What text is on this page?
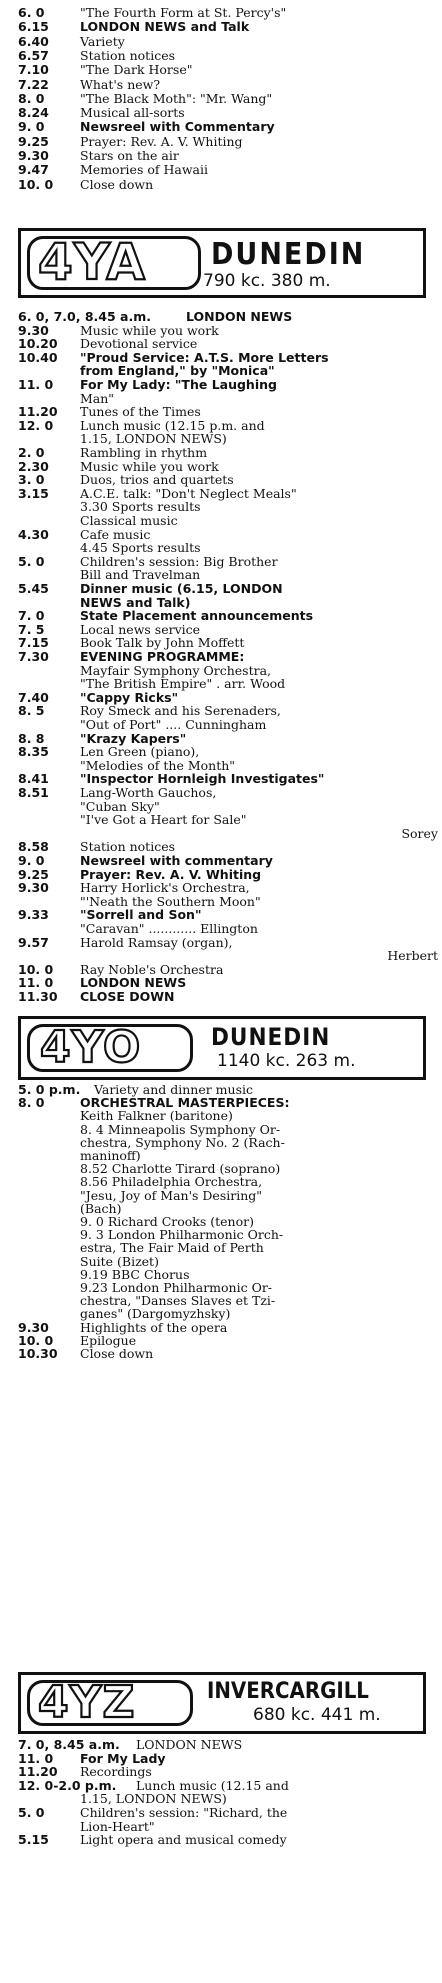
6. 0	"The Fourth Form at St. Percy's"
6.15 LONDON NEWS and Talk
6.40 Variety
6.57 Station notices
7.10 "The Dark Horse"
7.22 What's new?
8. 0	"The Black Moth": "Mr. Wang"
8.24 Musical all-sorts
9. 0	Newsreel with Commentary
9.25 Prayer: Rev. A. V. Whiting
9.30 Stars on the air
9.47 Memories of Hawaii
10. 0 Close down
4YA DUNEDIN
790 kc. 380 m.
6. 0, 7.0, 8.45 a.m.	LONDON NEWS
9.30 Music while you work
10.20 Devotional service
10.40 "Proud Service: A.T.S. More Letters
from England," by "Monica"
11. 0 For My Lady: "The Laughing
Man"
11.20 Tunes of the Times
12. 0 Lunch music (12.15 p.m. and
1.15, LONDON NEWS)
2. 0	Rambling in rhythm
2.30 Music while you work
3. 0	Duos, trios and quartets
3.15 A.C.E. talk: "Don't Neglect Meals"
3.30 Sports results
Classical music
4.30 Cafe music
4.45 Sports results
5. 0	Children's session: Big Brother
Bill and Travelman
5.45 Dinner music (6.15, LONDON
NEWS and Talk)
7. 0	State Placement announcements
7. 5	Local news service
7.15 Book Talk by John Moffett
7.30 EVENING PROGRAMME:
Mayfair Symphony Orchestra,
"The British Empire" . arr. Wood
7.40 "Cappy Ricks"
8. 5	Roy Smeck and his Serenaders,
"Out of Port" .... Cunningham
8. 8	"Krazy Kapers"
8.35 Len Green (piano),
"Melodies of the Month"
8.41 "Inspector Hornleigh Investigates"
8.51 Lang-Worth Gauchos,
"Cuban Sky"
"I've Got a Heart for Sale"
Sorey
8.58 Station notices
9. 0	Newsreel with commentary
9.25 Prayer: Rev. A. V. Whiting
9.30 Harry Horlick's Orchestra,
"'Neath the Southern Moon"
9.33 "Sorrell and Son"
"Caravan" ............ Ellington
9.57 Harold Ramsay (organ),
Herbert
10. 0 Ray Noble's Orchestra
11. 0 LONDON NEWS
11.30 CLOSE DOWN
4YO	DUNEDIN
1140 kc. 263 m.
5. 0 p.m. Variety and dinner music
8. 0	ORCHESTRAL MASTERPIECES:
Keith Falkner (baritone)
8. 4 Minneapolis Symphony Or-
chestra, Symphony No. 2 (Rach-
maninoff)
8.52 Charlotte Tirard (soprano)
8.56 Philadelphia Orchestra,
"Jesu, Joy of Man's Desiring"
(Bach)
9. 0 Richard Crooks (tenor)
9. 3 London Philharmonic Orch-
estra, The Fair Maid of Perth
Suite (Bizet)
9.19 BBC Chorus
9.23 London Philharmonic Or-
chestra, "Danses Slaves et Tzi-
ganes" (Dargomyzhsky)
9.30 Highlights of the opera
10. 0 Epilogue
10.30 Close down
4YZ	INVERCARGILL
680 kc. 441 m.
7. 0, 8.45 a.m. LONDON NEWS
11. 0 For My Lady
11.20 Recordings
12. 0-2.0 p.m. Lunch music (12.15 and
1.15, LONDON NEWS)
5. 0	Children's session: "Richard, the
Lion-Heart"
5.15 Light opera and musical comedy
